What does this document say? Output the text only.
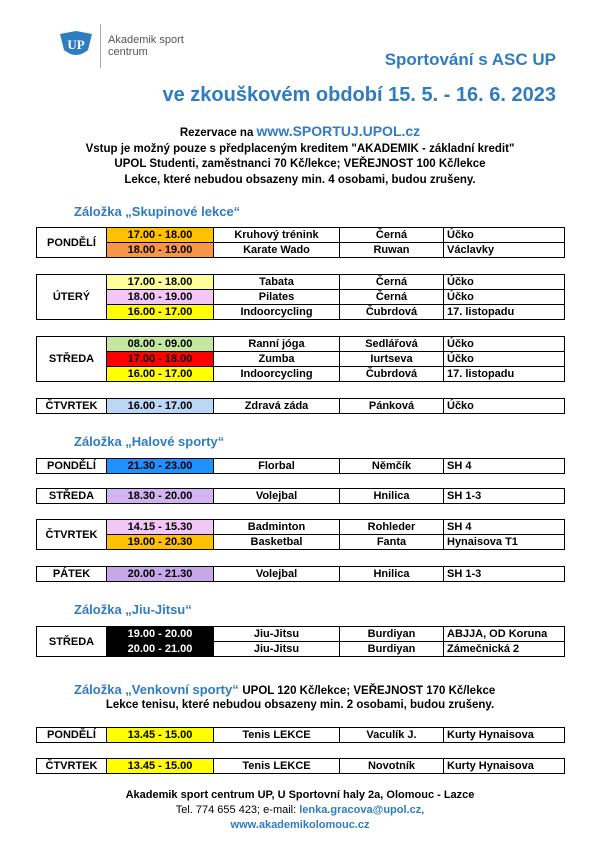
UP Akademik sport
centrum	Sportování s ASC UP
ve zkouškovém období 15. 5. - 16. 6. 2023
Rezervace na www.SPORTUJ.UPOL.cz
Vstup je možný pouze s předplaceným kreditem "AKADEMIK - základní kredit"
UPOL Studenti, zaměstnanci 70 Kč/lekce; VEŘEJNOST 100 Kč/lekce
Lekce, které nebudou obsazeny min. 4 osobami, budou zrušeny.
Záložka „Skupinové lekce“
Záložka „Halové sporty“
Záložka „Jiu-Jitsu“
Záložka „Venkovní sporty“ UPOL 120 Kč/lekce; VEŘEJNOST 170 Kč/lekce
Lekce tenisu, které nebudou obsazeny min. 2 osobami, budou zrušeny.
PONDĚLÍ	17.00 - 18.00	Kruhový trénink	Černá	Účko
	18.00 - 19.00	Karate Wado	Ruwan	Václavky
ÚTERÝ	17.00 - 18.00	Tabata	Černá	Účko
	18.00 - 19.00	Pilates	Černá	Účko
	16.00 - 17.00	Indoorcycling	Čubrdová	17. listopadu
STŘEDA	08.00 - 09.00	Ranní jóga	Sedlářová	Účko
	17.00 - 18.00	Zumba	Iurtseva	Účko
	16.00 - 17.00	Indoorcycling	Čubrdová	17. listopadu
ČTVRTEK	16.00 - 17.00	Zdravá záda	Pánková	Účko
PONDĚLÍ	21.30 - 23.00	Florbal	Němčík	SH 4
STŘEDA	18.30 - 20.00	Volejbal	Hnilica	SH 1-3
ČTVRTEK	14.15 - 15.30	Badminton	Rohleder	SH 4
	19.00 - 20.30	Basketbal	Fanta	Hynaisova T1
PÁTEK	20.00 - 21.30	Volejbal	Hnilica	SH 1-3
STŘEDA	19.00 - 20.00	Jiu-Jitsu	Burdiyan	ABJJA, OD Koruna
	20.00 - 21.00	Jiu-Jitsu	Burdiyan	Zámečnická 2
PONDĚLÍ	13.45 - 15.00	Tenis LEKCE	Vaculík J.	Kurty Hynaisova
ČTVRTEK	13.45 - 15.00	Tenis LEKCE	Novotník	Kurty Hynaisova
Akademik sport centrum UP, U Sportovní haly 2a, Olomouc - Lazce
Tel. 774 655 423; e-mail: lenka.gracova@upol.cz,
www.akademikolomouc.cz
